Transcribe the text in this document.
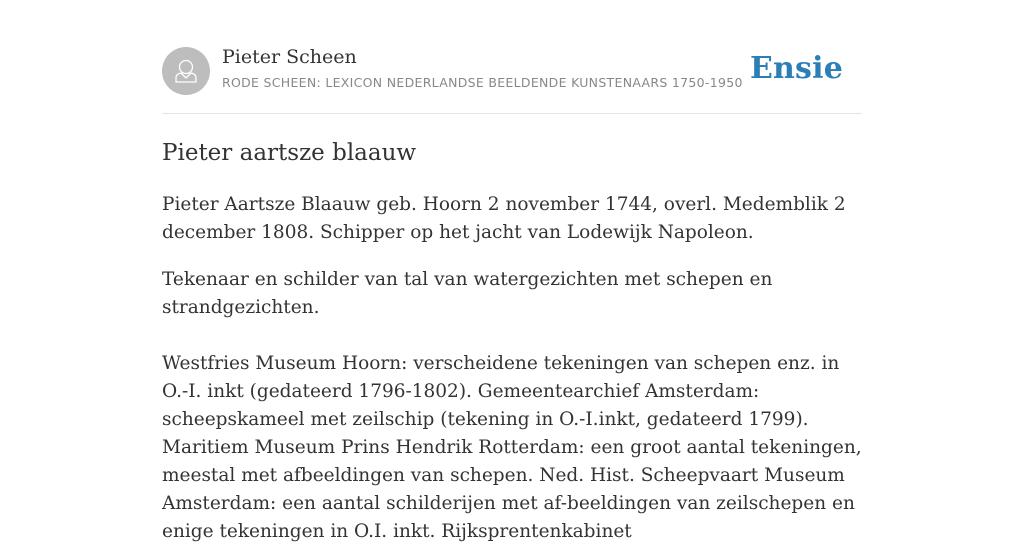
Pieter Scheen
RODE SCHEEN: LEXICON NEDERLANDSE BEELDENDE KUNSTENAARS 1750-1950 Ensie
Pieter aartsze blaauw

Pieter Aartsze Blaauw geb. Hoorn 2 november 1744, overl. Medemblik 2 december 1808. Schipper op het jacht van Lodewijk Napoleon.

Tekenaar en schilder van tal van watergezichten met schepen en strandgezichten.

Westfries Museum Hoorn: verscheidene tekeningen van schepen enz. in O.-I. inkt (gedateerd 1796-1802). Gemeentearchief Amsterdam: scheepskameel met zeilschip (tekening in O.-I.inkt, gedateerd 1799). Maritiem Museum Prins Hendrik Rotterdam: een groot aantal tekeningen, meestal met afbeeldingen van schepen. Ned. Hist. Scheepvaart Museum Amsterdam: een aantal schilderijen met af-beeldingen van zeilschepen en enige tekeningen in O.I. inkt. Rijksprentenkabinet
